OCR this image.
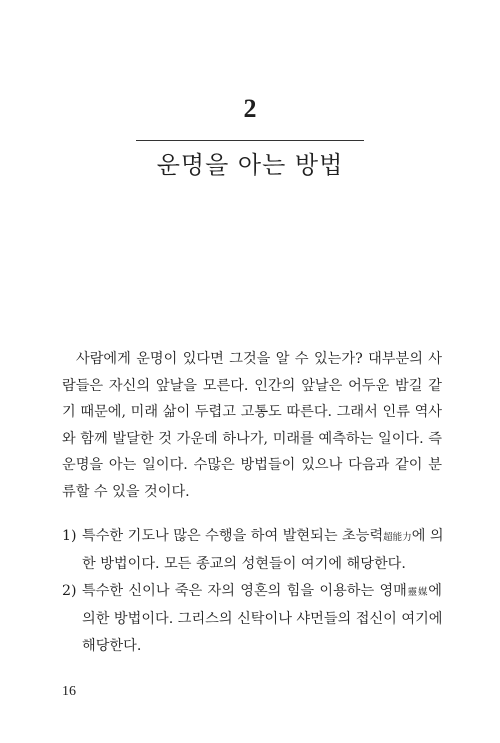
2
운명을 아는 방법

사람에게 운명이 있다면 그것을 알 수 있는가? 대부분의 사
람들은 자신의 앞날을 모른다. 인간의 앞날은 어두운 밤길 같
기 때문에, 미래 삶이 두렵고 고통도 따른다. 그래서 인류 역사
와 함께 발달한 것 가운데 하나가, 미래를 예측하는 일이다. 즉
운명을 아는 일이다. 수많은 방법들이 있으나 다음과 같이 분
류할 수 있을 것이다.

1) 특수한 기도나 많은 수행을 하여 발현되는 초능력超能力에 의
한 방법이다. 모든 종교의 성현들이 여기에 해당한다.
2) 특수한 신이나 죽은 자의 영혼의 힘을 이용하는 영매靈媒에
의한 방법이다. 그리스의 신탁이나 샤먼들의 접신이 여기에
해당한다.
16
